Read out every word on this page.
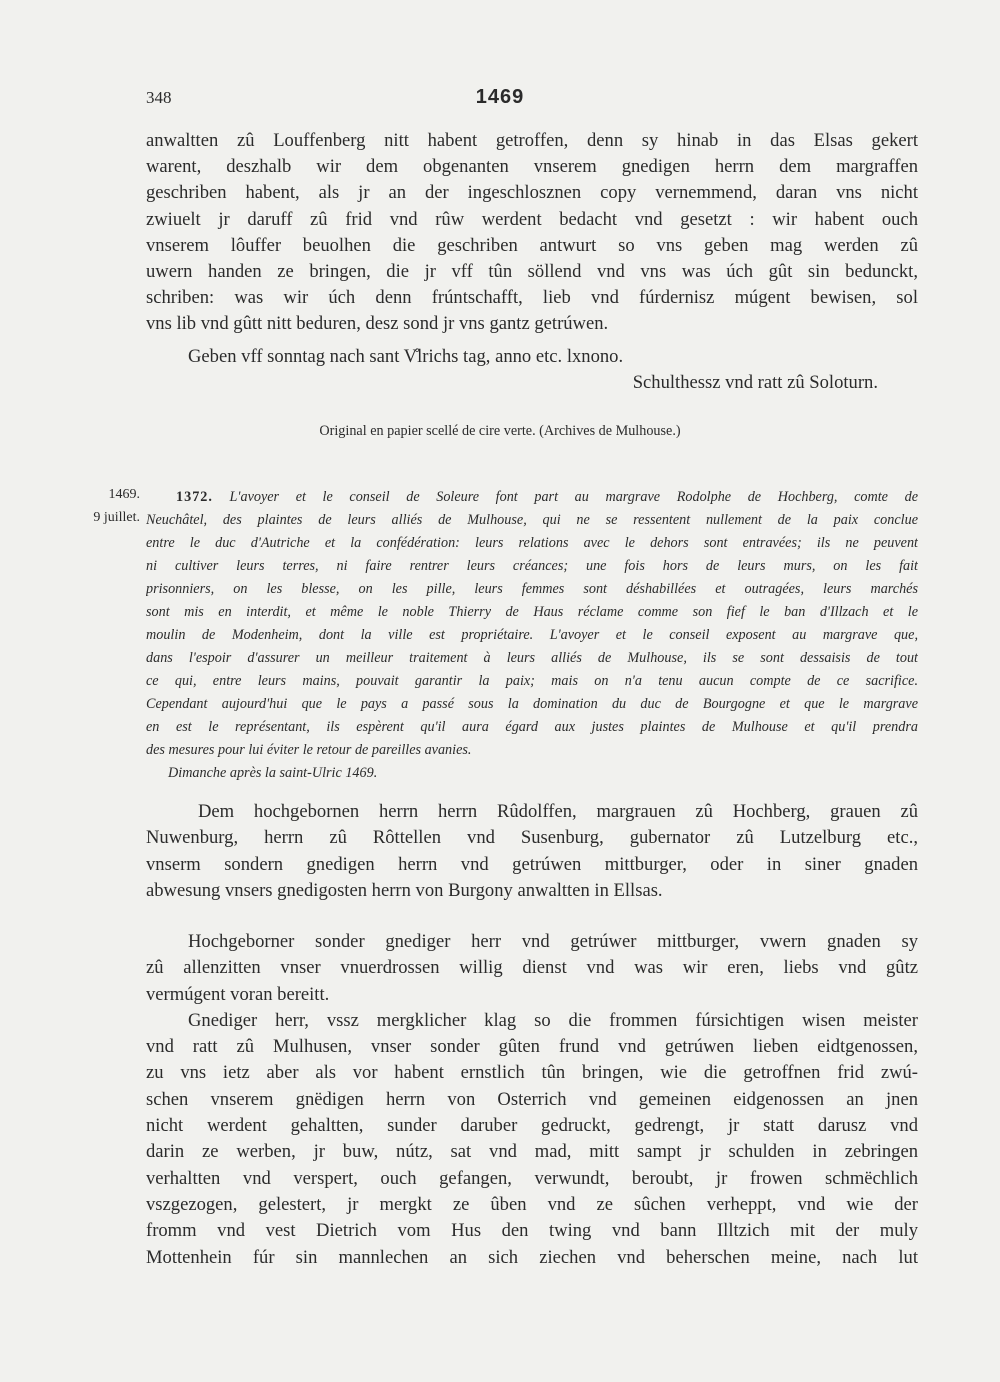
348	1469
anwaltten zû Louffenberg nitt habent getroffen, denn sy hinab in das Elsas gekert
warent, deszhalb wir dem obgenanten vnserem gnedigen herrn dem margraffen
geschriben habent, als jr an der ingeschlosznen copy vernemmend, daran vns nicht
zwiuelt jr daruff zû frid vnd rûw werdent bedacht vnd gesetzt : wir habent ouch
vnserem lôuffer beuolhen die geschriben antwurt so vns geben mag werden zû
uwern handen ze bringen, die jr vff tûn söllend vnd vns was úch gût sin bedunckt,
schriben: was wir úch denn frúntschafft, lieb vnd fúrdernisz múgent bewisen, sol
vns lib vnd gûtt nitt beduren, desz sond jr vns gantz getrúwen.
Geben vff sonntag nach sant V̊lrichs tag, anno etc. lxnono.
Schulthessz vnd ratt zû Soloturn.
Original en papier scellé de cire verte. (Archives de Mulhouse.)
1469.
9 juillet.
1372. L'avoyer et le conseil de Soleure font part au margrave Rodolphe de Hochberg, comte de
Neuchâtel, des plaintes de leurs alliés de Mulhouse, qui ne se ressentent nullement de la paix conclue
entre le duc d'Autriche et la confédération: leurs relations avec le dehors sont entravées; ils ne peuvent
ni cultiver leurs terres, ni faire rentrer leurs créances; une fois hors de leurs murs, on les fait
prisonniers, on les blesse, on les pille, leurs femmes sont déshabillées et outragées, leurs marchés
sont mis en interdit, et même le noble Thierry de Haus réclame comme son fief le ban d'Illzach et le
moulin de Modenheim, dont la ville est propriétaire. L'avoyer et le conseil exposent au margrave que,
dans l'espoir d'assurer un meilleur traitement à leurs alliés de Mulhouse, ils se sont dessaisis de tout
ce qui, entre leurs mains, pouvait garantir la paix; mais on n'a tenu aucun compte de ce sacrifice.
Cependant aujourd'hui que le pays a passé sous la domination du duc de Bourgogne et que le margrave
en est le représentant, ils espèrent qu'il aura égard aux justes plaintes de Mulhouse et qu'il prendra
des mesures pour lui éviter le retour de pareilles avanies.
Dimanche après la saint-Ulric 1469.
Dem hochgebornen herrn herrn Rûdolffen, margrauen zû Hochberg, grauen zû
Nuwenburg, herrn zû Rôttellen vnd Susenburg, gubernator zû Lutzelburg etc.,
vnserm sondern gnedigen herrn vnd getrúwen mittburger, oder in siner gnaden
abwesung vnsers gnedigosten herrn von Burgony anwaltten in Ellsas.
Hochgeborner sonder gnediger herr vnd getrúwer mittburger, vwern gnaden sy
zû allenzitten vnser vnuerdrossen willig dienst vnd was wir eren, liebs vnd gûtz
vermúgent voran bereitt.
Gnediger herr, vssz mergklicher klag so die frommen fúrsichtigen wisen meister
vnd ratt zû Mulhusen, vnser sonder gûten frund vnd getrúwen lieben eidtgenossen,
zu vns ietz aber als vor habent ernstlich tûn bringen, wie die getroffnen frid zwú-
schen vnserem gnëdigen herrn von Osterrich vnd gemeinen eidgenossen an jnen
nicht werdent gehaltten, sunder daruber gedruckt, gedrengt, jr statt darusz vnd
darin ze werben, jr buw, nútz, sat vnd mad, mitt sampt jr schulden in zebringen
verhaltten vnd verspert, ouch gefangen, verwundt, beroubt, jr frowen schmëchlich
vszgezogen, gelestert, jr mergkt ze ûben vnd ze sûchen verheppt, vnd wie der
fromm vnd vest Dietrich vom Hus den twing vnd bann Illtzich mit der muly
Mottenhein fúr sin mannlechen an sich ziechen vnd beherschen meine, nach lut
